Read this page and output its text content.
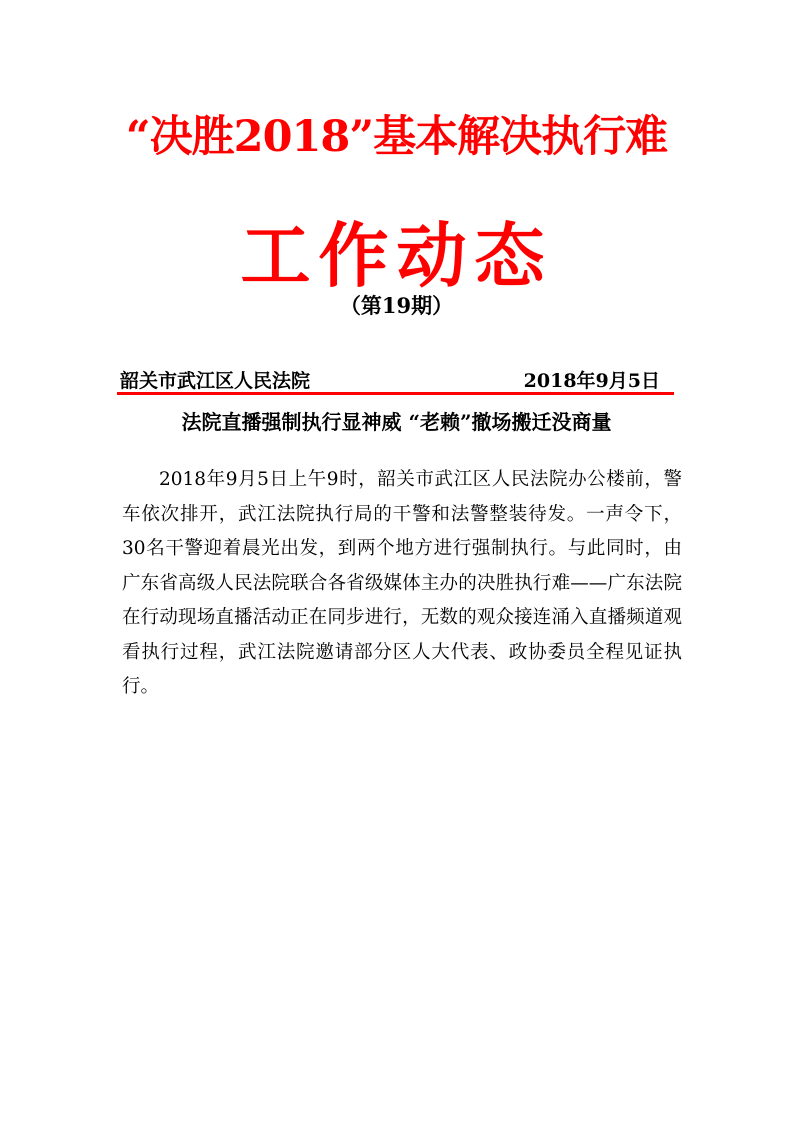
“决胜2018”基本解决执行难
工作动态
（第19期）
韶关市武江区人民法院	2018年9月5日
法院直播强制执行显神威 “老赖”撤场搬迁没商量

2018年9月5日上午9时，韶关市武江区人民法院办公楼前，警车依次排开，武江法院执行局的干警和法警整装待发。一声令下，30名干警迎着晨光出发，到两个地方进行强制执行。与此同时，由广东省高级人民法院联合各省级媒体主办的决胜执行难——广东法院在行动现场直播活动正在同步进行，无数的观众接连涌入直播频道观看执行过程，武江法院邀请部分区人大代表、政协委员全程见证执行。
